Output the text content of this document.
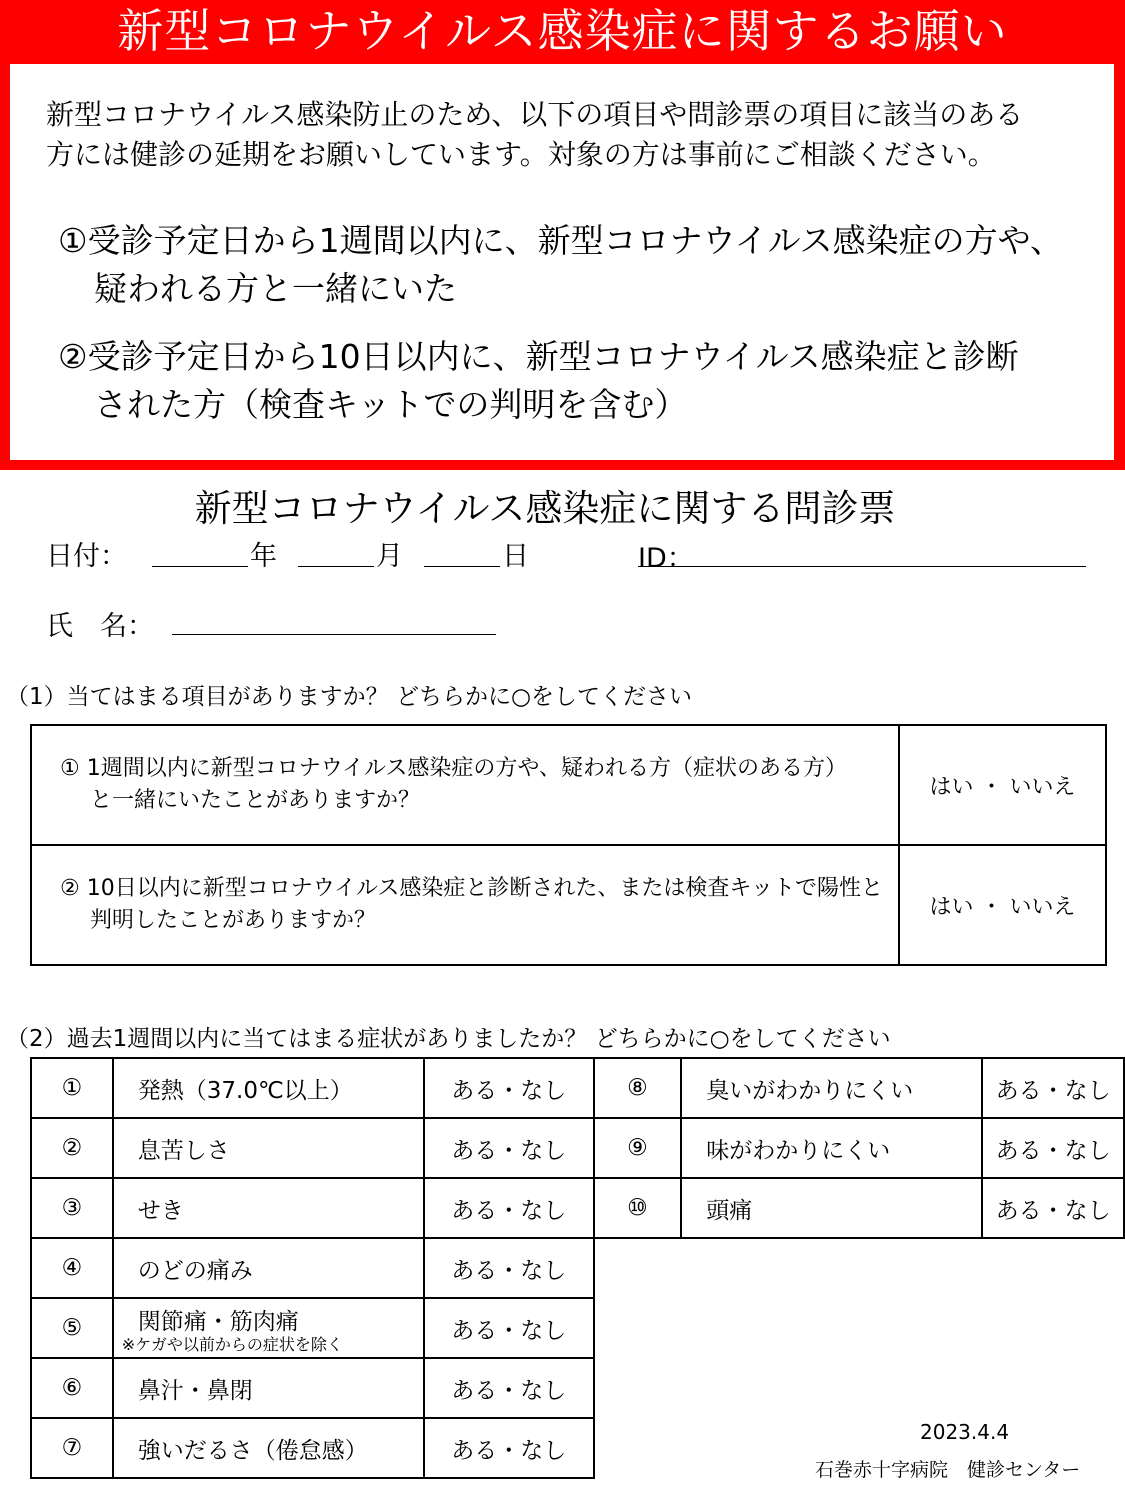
新型コロナウイルス感染症に関するお願い
新型コロナウイルス感染防止のため、以下の項目や問診票の項目に該当のある
方には健診の延期をお願いしています。対象の方は事前にご相談ください。
①受診予定日から1週間以内に、新型コロナウイルス感染症の方や、
疑われる方と一緒にいた
②受診予定日から10日以内に、新型コロナウイルス感染症と診断
された方（検査キットでの判明を含む）
新型コロナウイルス感染症に関する問診票
日付：	年	月	日	ID：
氏　名：
（1）当てはまる項目がありますか？ どちらかに○をしてください
① 1週間以内に新型コロナウイルス感染症の方や、疑われる方（症状のある方）
と一緒にいたことがありますか？	はい ・ いいえ

② 10日以内に新型コロナウイルス感染症と診断された、または検査キットで陽性と
判明したことがありますか？	はい ・ いいえ
（2）過去1週間以内に当てはまる症状がありましたか？ どちらかに○をしてください
①	発熱（37.0℃以上）	ある・なし	⑧	臭いがわかりにくい	ある・なし
②	息苦しさ	ある・なし	⑨	味がわかりにくい	ある・なし
③	せき	ある・なし	⑩	頭痛	ある・なし
④	のどの痛み	ある・なし			
⑤	関節痛・筋肉痛
※ケガや以前からの症状を除く	ある・なし			
⑥	鼻汁・鼻閉	ある・なし			
⑦	強いだるさ（倦怠感）	ある・なし			
2023.4.4
石巻赤十字病院　健診センター
